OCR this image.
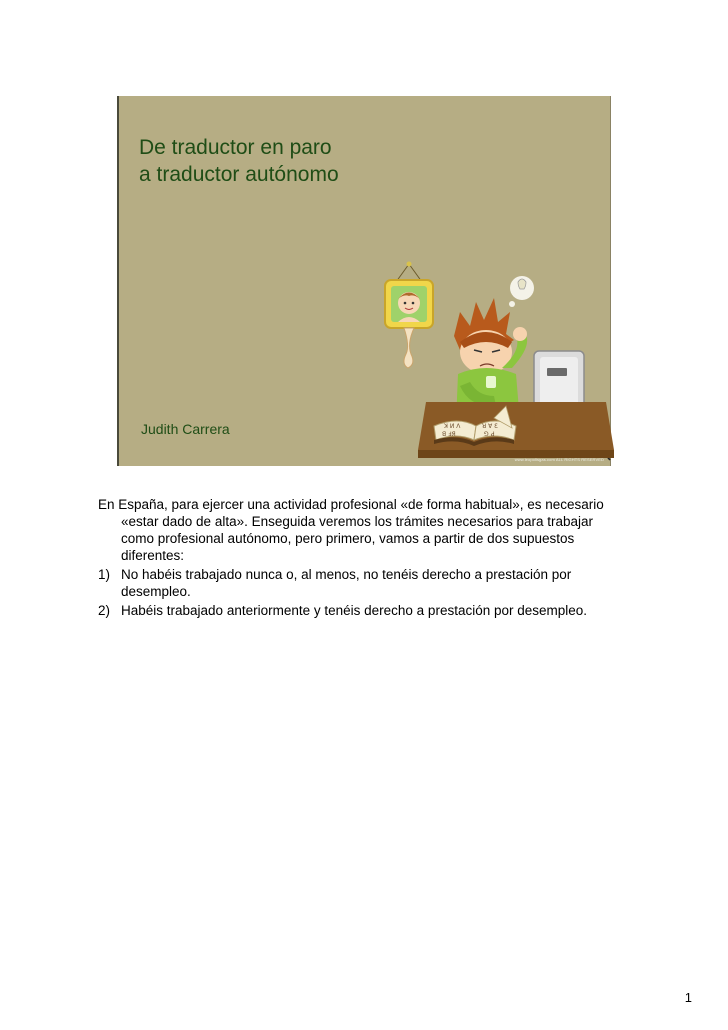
De traductor en paro
a traductor autónomo
ꓘ И ꓥ
ꓭ ℲЯ
ꓤ Ɐ Ɛ
ꓨ Ԁ
Judith Carrera
www.leopolisgas.com ALL RIGHTS RESERVED

En España, para ejercer una actividad profesional «de forma habitual», es necesario «estar dado de alta». Enseguida veremos los trámites necesarios para trabajar como profesional autónomo, pero primero, vamos a partir de dos supuestos diferentes:

1) No habéis trabajado nunca o, al menos, no tenéis derecho a prestación por desempleo.
2) Habéis trabajado anteriormente y tenéis derecho a prestación por desempleo.
1
